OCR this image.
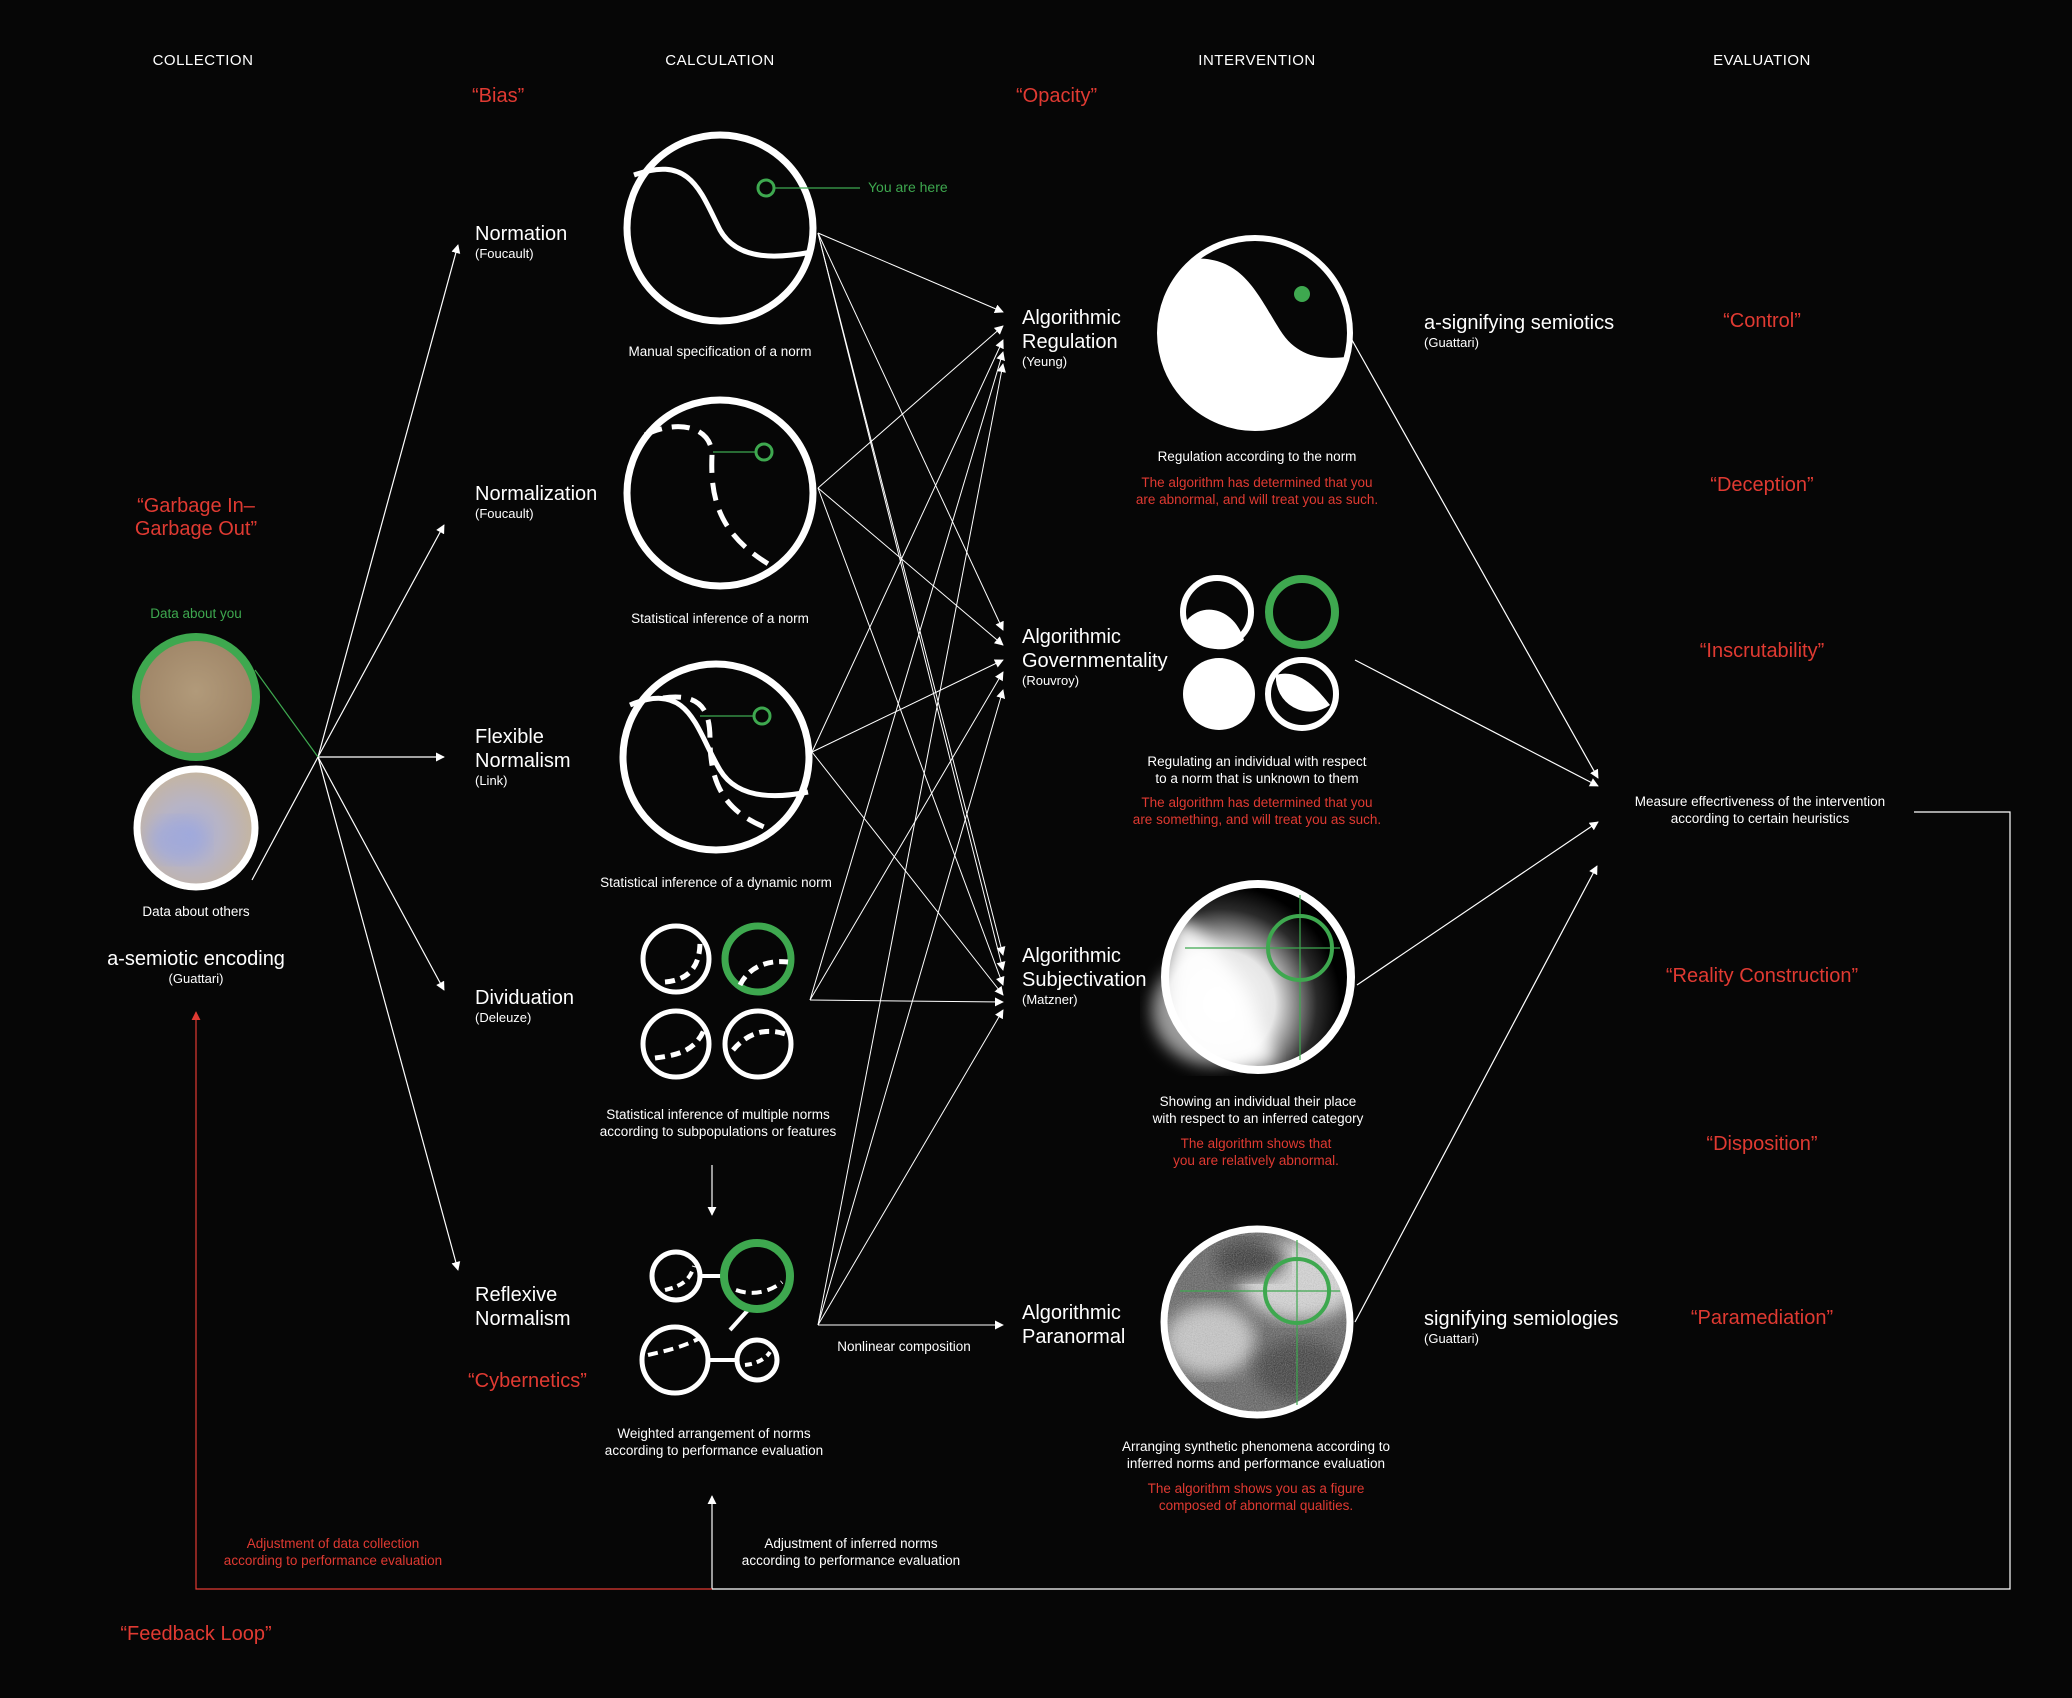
COLLECTION	CALCULATION	INTERVENTION	EVALUATION
“Garbage In–
Garbage Out”
Data about you
Data about others
a-semiotic encoding
(Guattari)
Adjustment of data collection
according to performance evaluation
“Feedback Loop”
“Bias”
You are here
Normation
(Foucault)
Manual specification of a norm
Normalization
(Foucault)
Statistical inference of a norm
Flexible
Normalism
(Link)
Statistical inference of a dynamic norm
Dividuation
(Deleuze)
Statistical inference of multiple norms
according to subpopulations or features
Reflexive
Normalism
“Cybernetics”
Weighted arrangement of norms
according to performance evaluation
Nonlinear composition
Adjustment of inferred norms
according to performance evaluation
“Opacity”
Algorithmic
Regulation
(Yeung)
Regulation according to the norm
The algorithm has determined that you
are abnormal, and will treat you as such.
Algorithmic
Governmentality
(Rouvroy)
Regulating an individual with respect
to a norm that is unknown to them
The algorithm has determined that you
are something, and will treat you as such.
Algorithmic
Subjectivation
(Matzner)
Showing an individual their place
with respect to an inferred category
The algorithm shows that
you are relatively abnormal.
Algorithmic
Paranormal
Arranging synthetic phenomena according to
inferred norms and performance evaluation
The algorithm shows you as a figure
composed of abnormal qualities.
a-signifying semiotics
(Guattari)
signifying semiologies
(Guattari)
“Control”
“Deception”
“Inscrutability”
“Reality Construction”
“Disposition”
“Paramediation”
Measure effecrtiveness of the intervention
according to certain heuristics
